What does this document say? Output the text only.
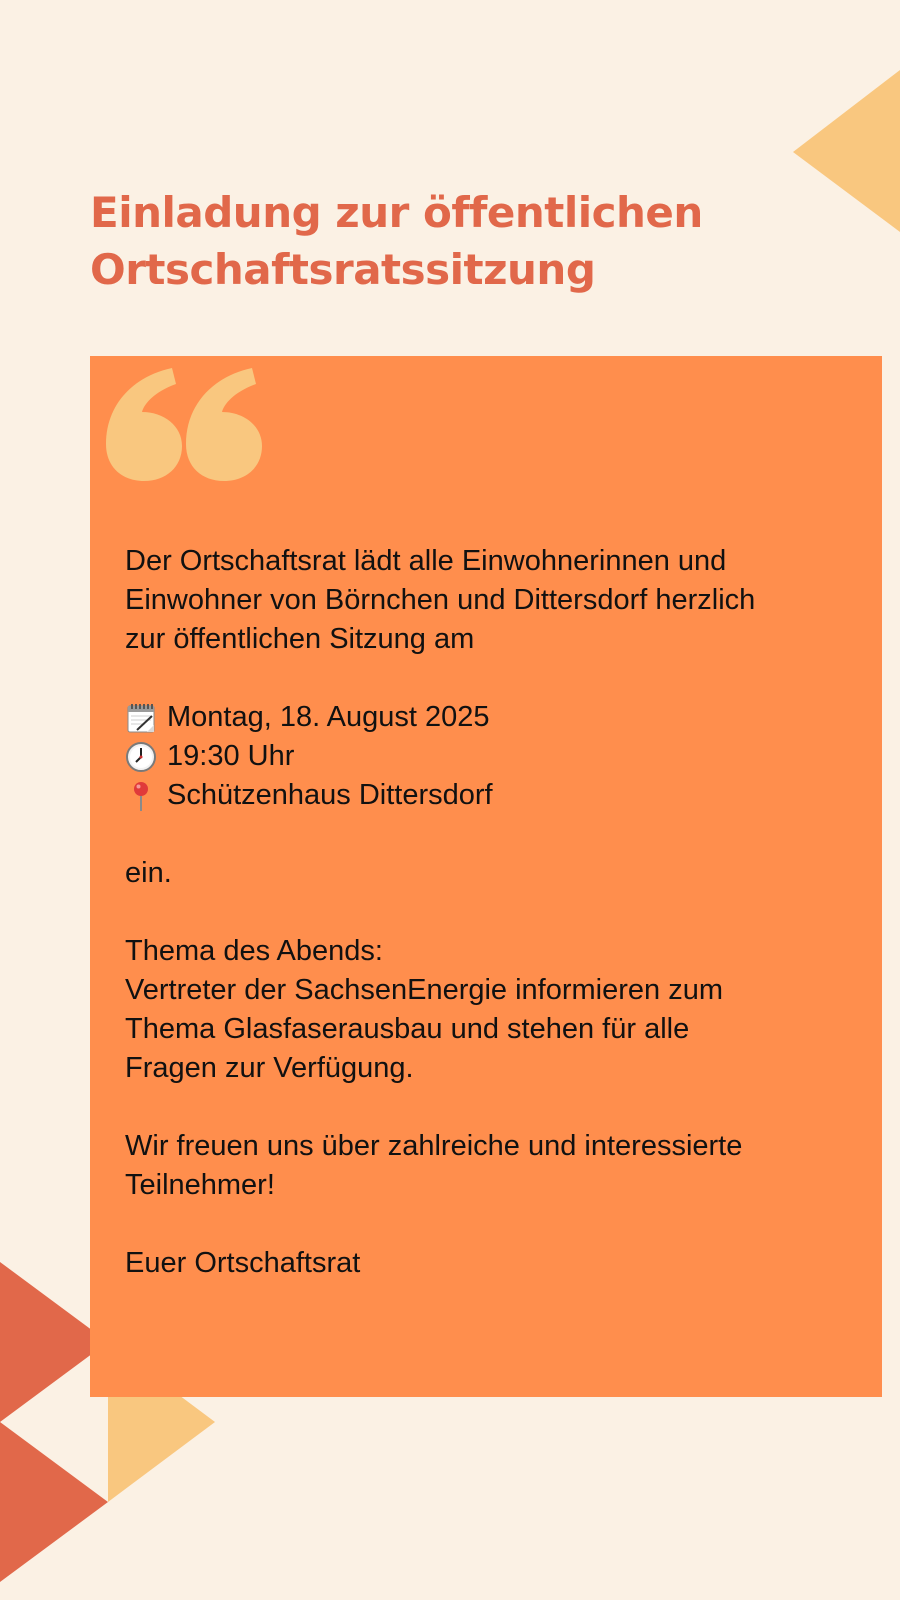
Einladung zur öffentlichen
Ortschaftsratssitzung
Der Ortschaftsrat lädt alle Einwohnerinnen und
Einwohner von Börnchen und Dittersdorf herzlich
zur öffentlichen Sitzung am
Montag, 18. August 2025
19:30 Uhr
Schützenhaus Dittersdorf
ein.
Thema des Abends:
Vertreter der SachsenEnergie informieren zum
Thema Glasfaserausbau und stehen für alle
Fragen zur Verfügung.
Wir freuen uns über zahlreiche und interessierte
Teilnehmer!
Euer Ortschaftsrat
